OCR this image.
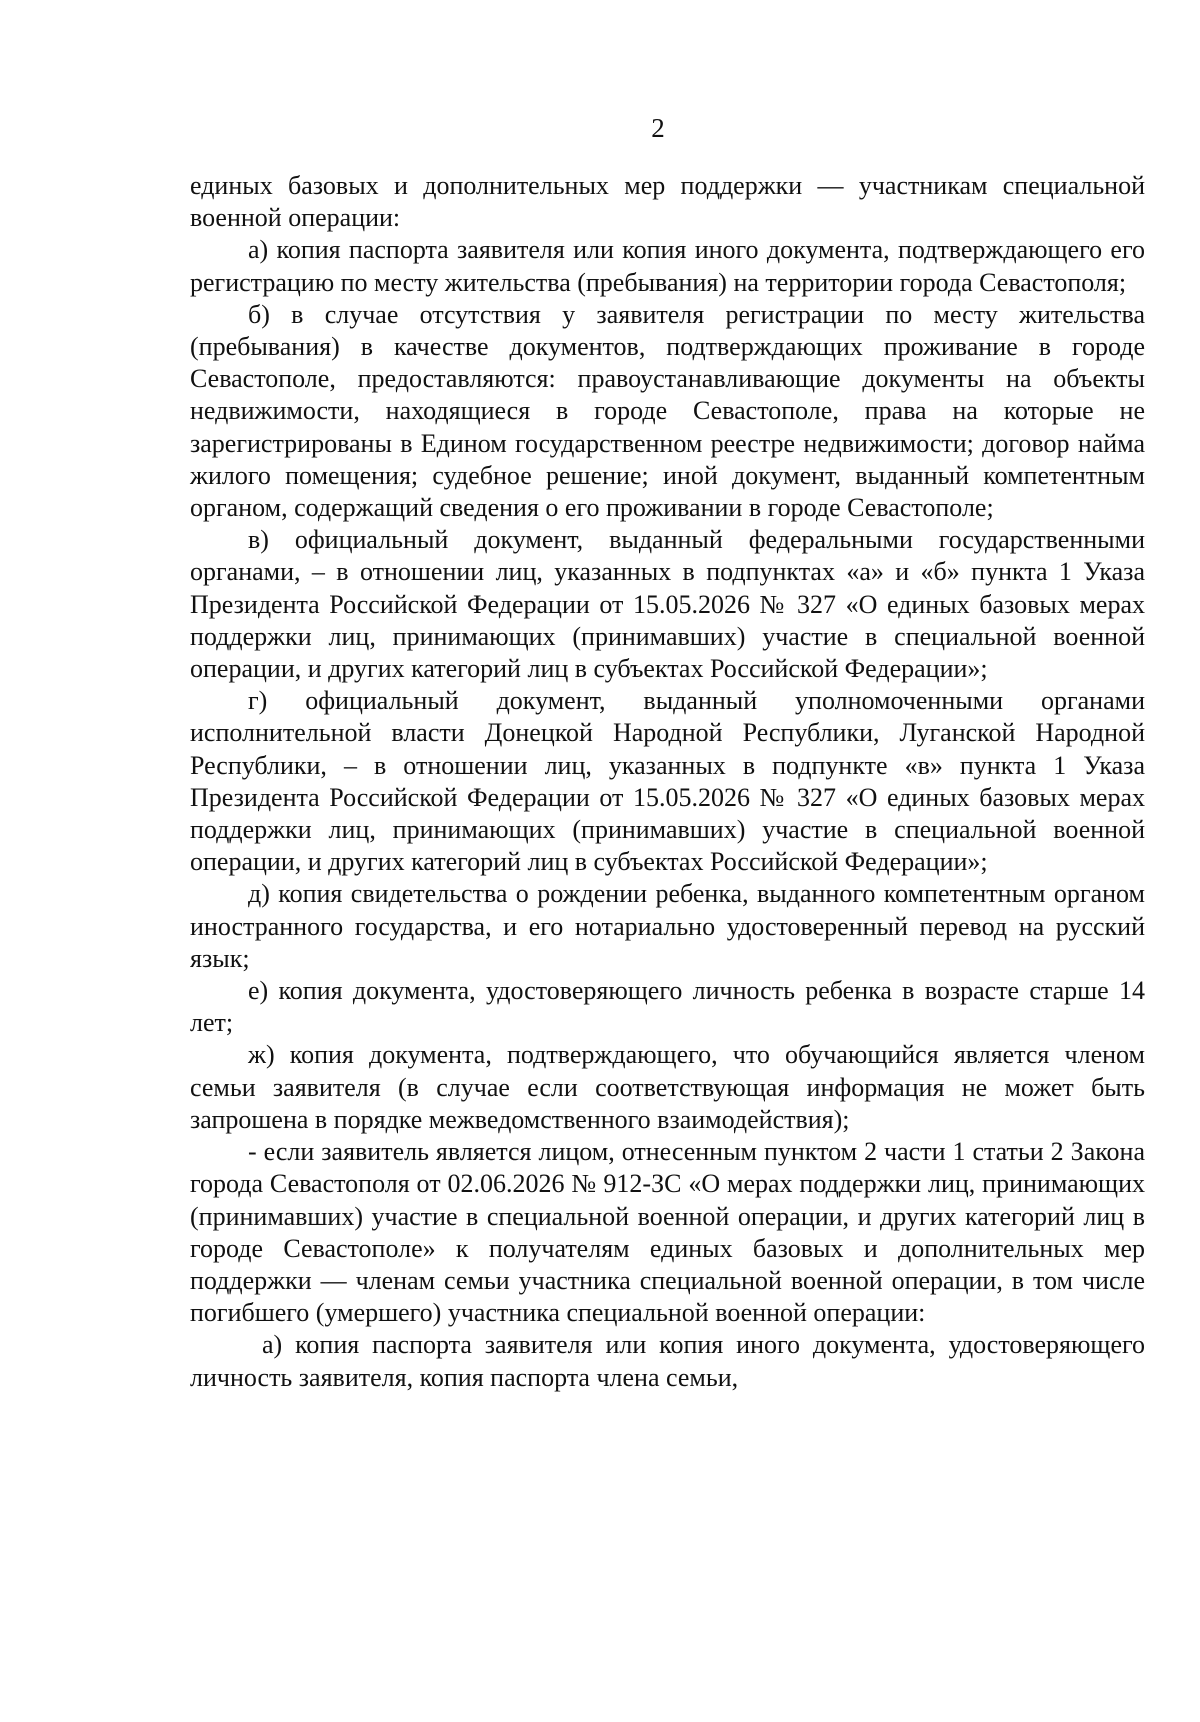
2

единых базовых и дополнительных мер поддержки — участникам специальной военной операции:

а) копия паспорта заявителя или копия иного документа, подтверждающего его регистрацию по месту жительства (пребывания) на территории города Севастополя;

б) в случае отсутствия у заявителя регистрации по месту жительства (пребывания) в качестве документов, подтверждающих проживание в городе Севастополе, предоставляются: правоустанавливающие документы на объекты недвижимости, находящиеся в городе Севастополе, права на которые не зарегистрированы в Едином государственном реестре недвижимости; договор найма жилого помещения; судебное решение; иной документ, выданный компетентным органом, содержащий сведения о его проживании в городе Севастополе;

в) официальный документ, выданный федеральными государственными органами, – в отношении лиц, указанных в подпунктах «а» и «б» пункта 1 Указа Президента Российской Федерации от 15.05.2026 № 327 «О единых базовых мерах поддержки лиц, принимающих (принимавших) участие в специальной военной операции, и других категорий лиц в субъектах Российской Федерации»;

г) официальный документ, выданный уполномоченными органами исполнительной власти Донецкой Народной Республики, Луганской Народной Республики, – в отношении лиц, указанных в подпункте «в» пункта 1 Указа Президента Российской Федерации от 15.05.2026 № 327 «О единых базовых мерах поддержки лиц, принимающих (принимавших) участие в специальной военной операции, и других категорий лиц в субъектах Российской Федерации»;

д) копия свидетельства о рождении ребенка, выданного компетентным органом иностранного государства, и его нотариально удостоверенный перевод на русский язык;

е) копия документа, удостоверяющего личность ребенка в возрасте старше 14 лет;

ж) копия документа, подтверждающего, что обучающийся является членом семьи заявителя (в случае если соответствующая информация не может быть запрошена в порядке межведомственного взаимодействия);

- если заявитель является лицом, отнесенным пунктом 2 части 1 статьи 2 Закона города Севастополя от 02.06.2026 № 912-ЗС «О мерах поддержки лиц, принимающих (принимавших) участие в специальной военной операции, и других категорий лиц в городе Севастополе» к получателям единых базовых и дополнительных мер поддержки — членам семьи участника специальной военной операции, в том числе погибшего (умершего) участника специальной военной операции:

а) копия паспорта заявителя или копия иного документа, удостоверяющего личность заявителя, копия паспорта члена семьи,
